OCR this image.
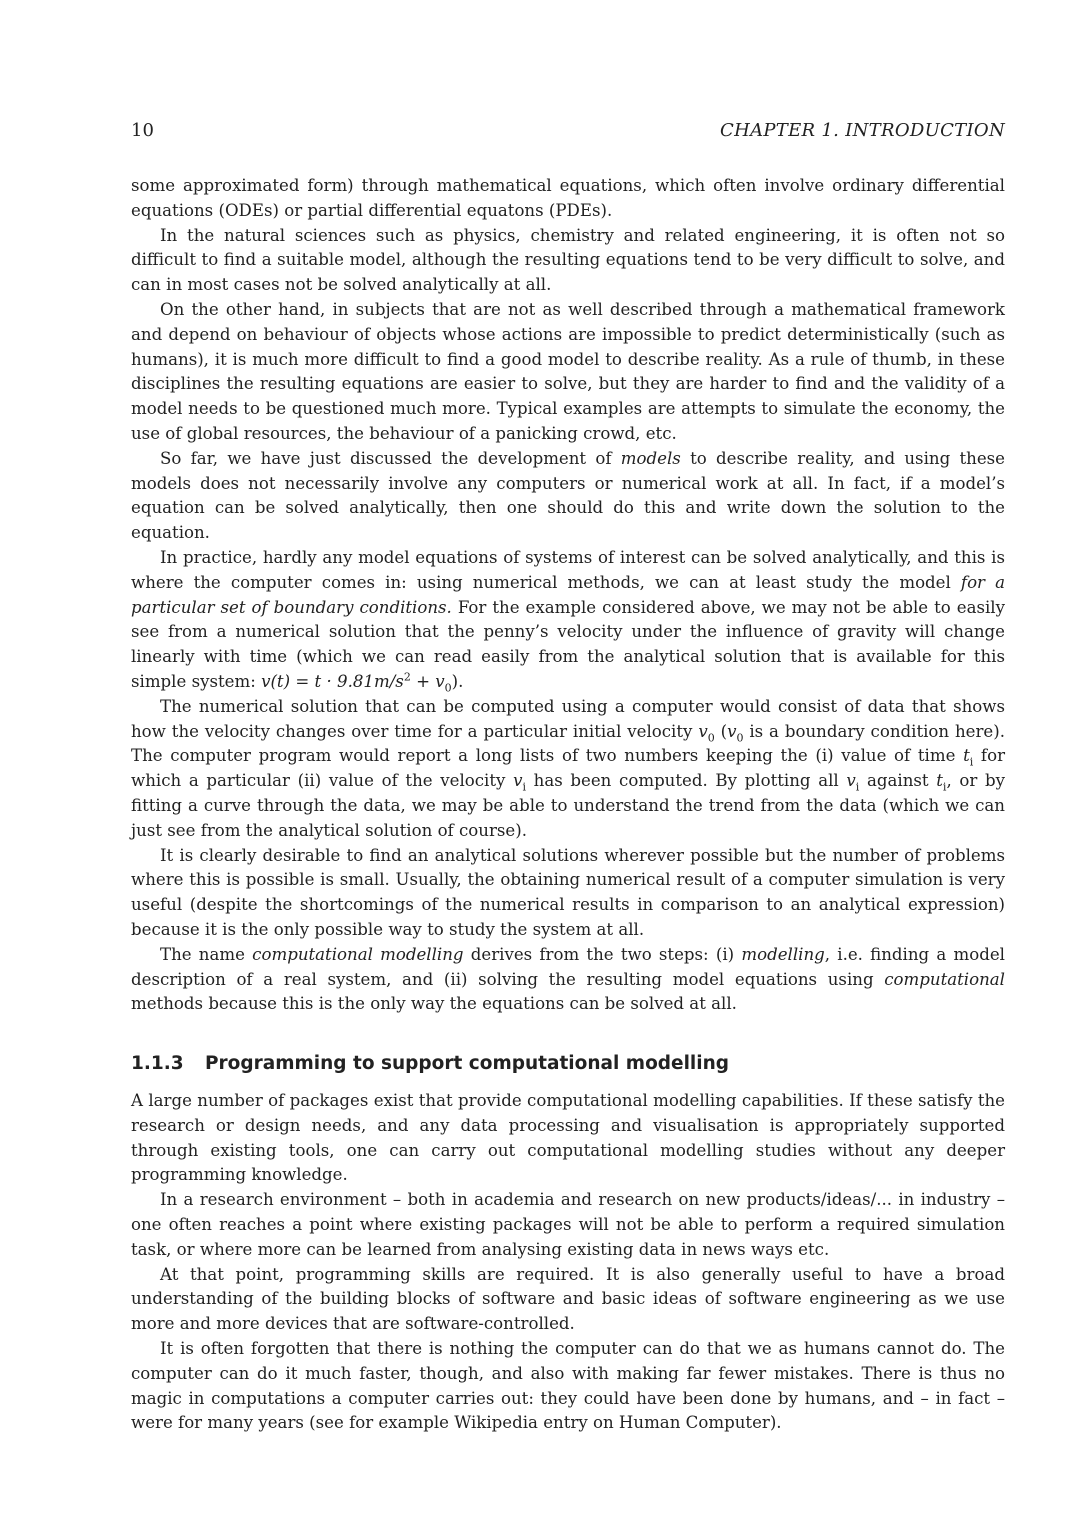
10	CHAPTER 1. INTRODUCTION

some approximated form) through mathematical equations, which often involve ordinary differential equations (ODEs) or partial differential equatons (PDEs).

In the natural sciences such as physics, chemistry and related engineering, it is often not so difficult to find a suitable model, although the resulting equations tend to be very difficult to solve, and can in most cases not be solved analytically at all.

On the other hand, in subjects that are not as well described through a mathematical framework and depend on behaviour of objects whose actions are impossible to predict deterministically (such as humans), it is much more difficult to find a good model to describe reality. As a rule of thumb, in these disciplines the resulting equations are easier to solve, but they are harder to find and the validity of a model needs to be questioned much more. Typical examples are attempts to simulate the economy, the use of global resources, the behaviour of a panicking crowd, etc.

So far, we have just discussed the development of models to describe reality, and using these models does not necessarily involve any computers or numerical work at all. In fact, if a model’s equation can be solved analytically, then one should do this and write down the solution to the equation.

In practice, hardly any model equations of systems of interest can be solved analytically, and this is where the computer comes in: using numerical methods, we can at least study the model for a particular set of boundary conditions. For the example considered above, we may not be able to easily see from a numerical solution that the penny’s velocity under the influence of gravity will change linearly with time (which we can read easily from the analytical solution that is available for this simple system: $v(t) = t \cdot 9.81m/s^2 + v_0$).

The numerical solution that can be computed using a computer would consist of data that shows how the velocity changes over time for a particular initial velocity $v_0$ ($v_0$ is a boundary condition here). The computer program would report a long lists of two numbers keeping the (i) value of time $t_i$ for which a particular (ii) value of the velocity $v_i$ has been computed. By plotting all $v_i$ against $t_i$, or by fitting a curve through the data, we may be able to understand the trend from the data (which we can just see from the analytical solution of course).

It is clearly desirable to find an analytical solutions wherever possible but the number of problems where this is possible is small. Usually, the obtaining numerical result of a computer simulation is very useful (despite the shortcomings of the numerical results in comparison to an analytical expression) because it is the only possible way to study the system at all.

The name computational modelling derives from the two steps: (i) modelling, i.e. finding a model description of a real system, and (ii) solving the resulting model equations using computational methods because this is the only way the equations can be solved at all.

1.1.3 Programming to support computational modelling

A large number of packages exist that provide computational modelling capabilities. If these satisfy the research or design needs, and any data processing and visualisation is appropriately supported through existing tools, one can carry out computational modelling studies without any deeper programming knowledge.

In a research environment – both in academia and research on new products/ideas/... in industry – one often reaches a point where existing packages will not be able to perform a required simulation task, or where more can be learned from analysing existing data in news ways etc.

At that point, programming skills are required. It is also generally useful to have a broad understanding of the building blocks of software and basic ideas of software engineering as we use more and more devices that are software-controlled.

It is often forgotten that there is nothing the computer can do that we as humans cannot do. The computer can do it much faster, though, and also with making far fewer mistakes. There is thus no magic in computations a computer carries out: they could have been done by humans, and – in fact – were for many years (see for example Wikipedia entry on Human Computer).
